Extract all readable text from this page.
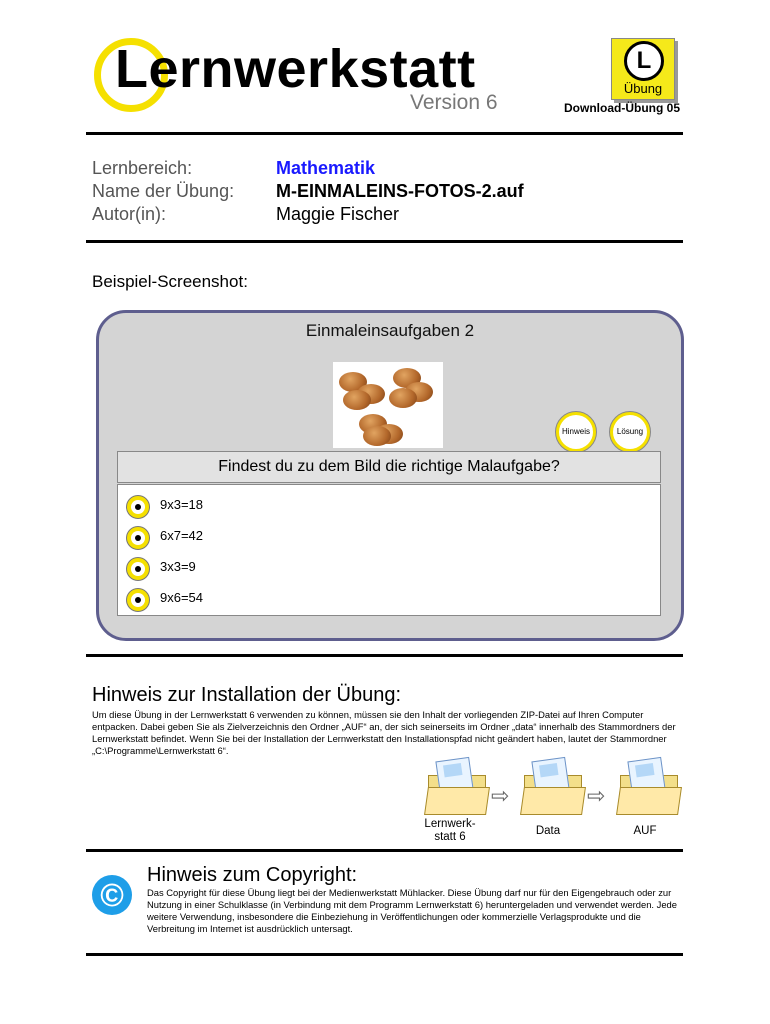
Lernwerkstatt
Version 6
L
Übung
Download-Übung 05
Lernbereich:	Mathematik
Name der Übung: M-EINMALEINS-FOTOS-2.auf
Autor(in):	Maggie Fischer
Beispiel-Screenshot:
Einmaleinsaufgaben 2
Hinweis	Lösung
Findest du zu dem Bild die richtige Malaufgabe?
9x3=18
6x7=42
3x3=9
9x6=54
Hinweis zur Installation der Übung:
Um diese Übung in der Lernwerkstatt 6 verwenden zu können, müssen sie den Inhalt der vorliegenden ZIP-Datei auf Ihren Computer entpacken. Dabei geben Sie als Zielverzeichnis den Ordner „AUF“ an, der sich seinerseits im Ordner „data“ innerhalb des Stammordners der Lernwerkstatt befindet. Wenn Sie bei der Installation der Lernwerkstatt den Installationspfad nicht geändert haben, lautet der Stammordner „C:\Programme\Lernwerkstatt 6“.
⇨	⇨
Lernwerk-
statt 6	Data	AUF
©
Hinweis zum Copyright:
Das Copyright für diese Übung liegt bei der Medienwerkstatt Mühlacker. Diese Übung darf nur für den Eigengebrauch oder zur Nutzung in einer Schulklasse (in Verbindung mit dem Programm Lernwerkstatt 6) heruntergeladen und verwendet werden. Jede weitere Verwendung, insbesondere die Einbeziehung in Veröffentlichungen oder kommerzielle Verlagsprodukte und die Verbreitung im Internet ist ausdrücklich untersagt.
